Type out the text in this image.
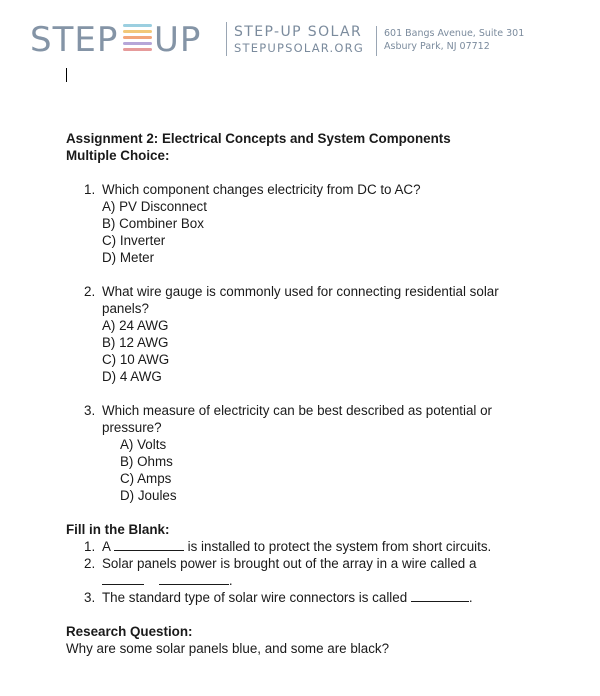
STEP UP STEP-UP SOLAR
STEPUPSOLAR.ORG
601 Bangs Avenue, Suite 301
Asbury Park, NJ 07712
Assignment 2: Electrical Concepts and System Components
Multiple Choice:
1. Which component changes electricity from DC to AC?
A) PV Disconnect
B) Combiner Box
C) Inverter
D) Meter
2. What wire gauge is commonly used for connecting residential solar panels?
A) 24 AWG
B) 12 AWG
C) 10 AWG
D) 4 AWG
3. Which measure of electricity can be best described as potential or pressure?
A) Volts
B) Ohms
C) Amps
D) Joules
Fill in the Blank:
1. A	is installed to protect the system from short circuits.
2. Solar panels power is brought out of the array in a wire called a
.
3. The standard type of solar wire connectors is called	.
Research Question:
Why are some solar panels blue, and some are black?
